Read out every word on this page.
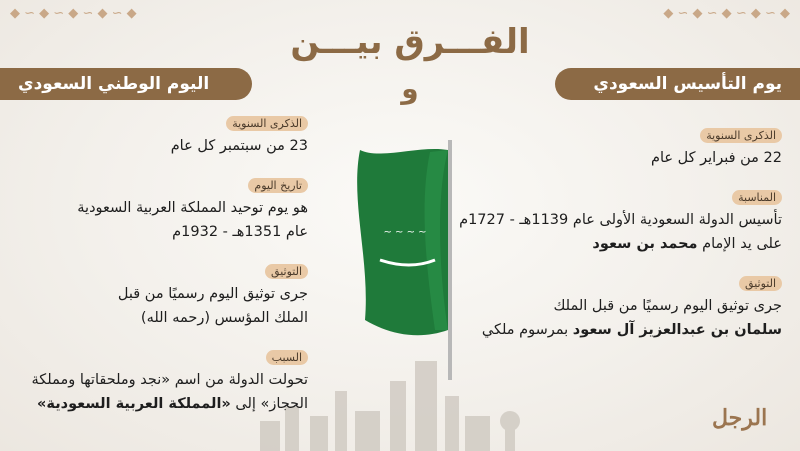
◆ ∽ ◆ ∽ ◆ ∽ ◆ ∽ ◆	◆ ∽ ◆ ∽ ◆ ∽ ◆ ∽ ◆
الفـــرق بيـــن
و	يوم التأسيس السعودي
اليوم الوطني السعودي
~ ~ ~ ~
الرجل
الذكرى السنوية
22 من فبراير كل عام
المناسبة
تأسيس الدولة السعودية الأولى عام 1139هـ - 1727م
على يد الإمام محمد بن سعود
التوثيق
جرى توثيق اليوم رسميًا من قبل الملك
سلمان بن عبدالعزيز آل سعود بمرسوم ملكي
الذكرى السنوية
23 من سبتمبر كل عام
تاريخ اليوم
هو يوم توحيد المملكة العربية السعودية
عام 1351هـ - 1932م
التوثيق
جرى توثيق اليوم رسميًا من قبل
الملك المؤسس (رحمه الله)
السبب
تحولت الدولة من اسم «نجد وملحقاتها ومملكة
الحجاز» إلى «المملكة العربية السعودية»
